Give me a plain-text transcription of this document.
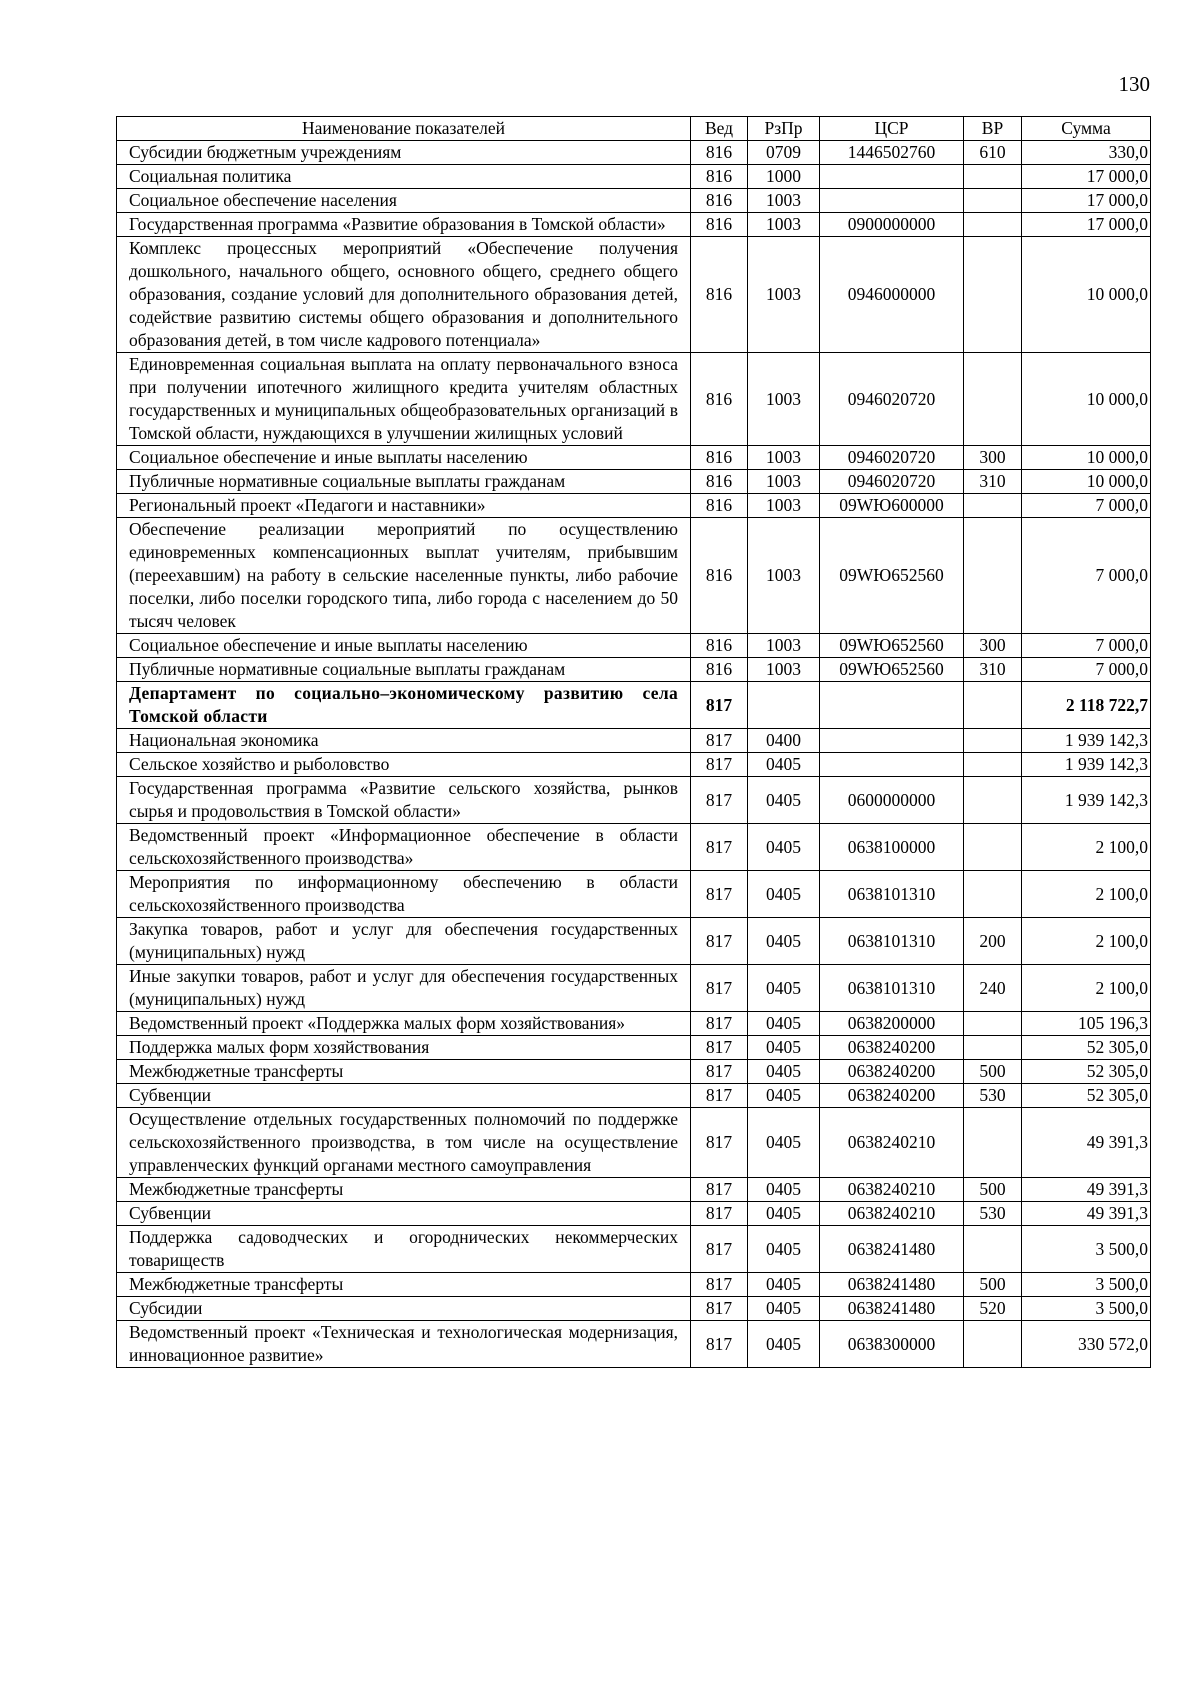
130
Наименование показателей	Вед	РзПр	ЦСР	ВР	Сумма
Субсидии бюджетным учреждениям	816	0709	1446502760	610	330,0
Социальная политика	816	1000			17 000,0
Социальное обеспечение населения	816	1003			17 000,0
Государственная программа «Развитие образования в Томской области»	816	1003	0900000000		17 000,0
Комплекс процессных мероприятий «Обеспечение получения дошкольного, начального общего, основного общего, среднего общего образования, создание условий для дополнительного образования детей, содействие развитию системы общего образования и дополнительного образования детей, в том числе кадрового потенциала»	816	1003	0946000000		10 000,0
Единовременная социальная выплата на оплату первоначального взноса при получении ипотечного жилищного кредита учителям областных государственных и муниципальных общеобразовательных организаций в Томской области, нуждающихся в улучшении жилищных условий	816	1003	0946020720		10 000,0
Социальное обеспечение и иные выплаты населению	816	1003	0946020720	300	10 000,0
Публичные нормативные социальные выплаты гражданам	816	1003	0946020720	310	10 000,0
Региональный проект «Педагоги и наставники»	816	1003	09WЮ600000		7 000,0
Обеспечение реализации мероприятий по осуществлению единовременных компенсационных выплат учителям, прибывшим (переехавшим) на работу в сельские населенные пункты, либо рабочие поселки, либо поселки городского типа, либо города с населением до 50 тысяч человек	816	1003	09WЮ652560		7 000,0
Социальное обеспечение и иные выплаты населению	816	1003	09WЮ652560	300	7 000,0
Публичные нормативные социальные выплаты гражданам	816	1003	09WЮ652560	310	7 000,0
Департамент по социально–экономическому развитию села Томской области	817				2 118 722,7
Национальная экономика	817	0400			1 939 142,3
Сельское хозяйство и рыболовство	817	0405			1 939 142,3
Государственная программа «Развитие сельского хозяйства, рынков сырья и продовольствия в Томской области»	817	0405	0600000000		1 939 142,3
Ведомственный проект «Информационное обеспечение в области сельскохозяйственного производства»	817	0405	0638100000		2 100,0
Мероприятия по информационному обеспечению в области сельскохозяйственного производства	817	0405	0638101310		2 100,0
Закупка товаров, работ и услуг для обеспечения государственных (муниципальных) нужд	817	0405	0638101310	200	2 100,0
Иные закупки товаров, работ и услуг для обеспечения государственных (муниципальных) нужд	817	0405	0638101310	240	2 100,0
Ведомственный проект «Поддержка малых форм хозяйствования»	817	0405	0638200000		105 196,3
Поддержка малых форм хозяйствования	817	0405	0638240200		52 305,0
Межбюджетные трансферты	817	0405	0638240200	500	52 305,0
Субвенции	817	0405	0638240200	530	52 305,0
Осуществление отдельных государственных полномочий по поддержке сельскохозяйственного производства, в том числе на осуществление управленческих функций органами местного самоуправления	817	0405	0638240210		49 391,3
Межбюджетные трансферты	817	0405	0638240210	500	49 391,3
Субвенции	817	0405	0638240210	530	49 391,3
Поддержка садоводческих и огороднических некоммерческих товариществ	817	0405	0638241480		3 500,0
Межбюджетные трансферты	817	0405	0638241480	500	3 500,0
Субсидии	817	0405	0638241480	520	3 500,0
Ведомственный проект «Техническая и технологическая модернизация, инновационное развитие»	817	0405	0638300000		330 572,0
